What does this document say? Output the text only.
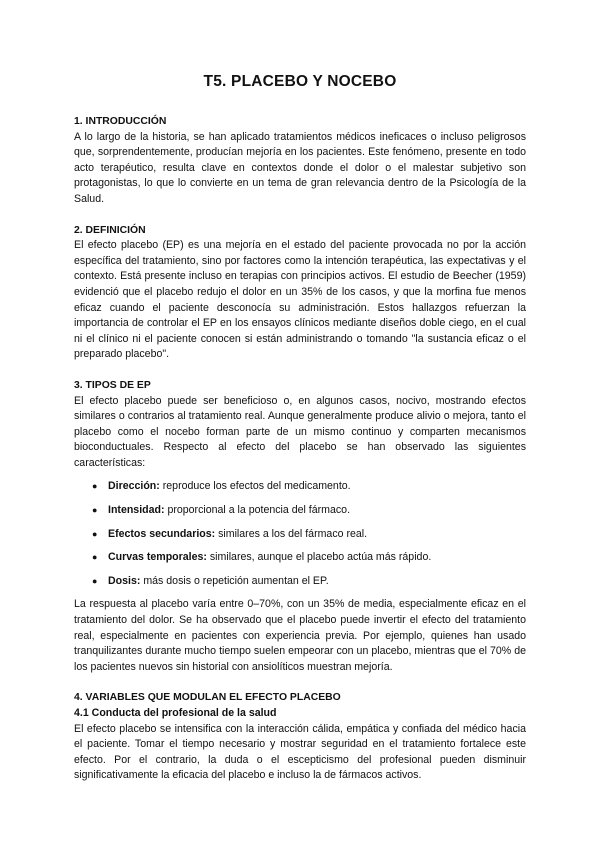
T5. PLACEBO Y NOCEBO
1. INTRODUCCIÓN

A lo largo de la historia, se han aplicado tratamientos médicos ineficaces o incluso peligrosos que, sorprendentemente, producían mejoría en los pacientes. Este fenómeno, presente en todo acto terapéutico, resulta clave en contextos donde el dolor o el malestar subjetivo son protagonistas, lo que lo convierte en un tema de gran relevancia dentro de la Psicología de la Salud.

2. DEFINICIÓN

El efecto placebo (EP) es una mejoría en el estado del paciente provocada no por la acción específica del tratamiento, sino por factores como la intención terapéutica, las expectativas y el contexto. Está presente incluso en terapias con principios activos. El estudio de Beecher (1959) evidenció que el placebo redujo el dolor en un 35% de los casos, y que la morfina fue menos eficaz cuando el paciente desconocía su administración. Estos hallazgos refuerzan la importancia de controlar el EP en los ensayos clínicos mediante diseños doble ciego, en el cual ni el clínico ni el paciente conocen si están administrando o tomando "la sustancia eficaz o el preparado placebo".

3. TIPOS DE EP

El efecto placebo puede ser beneficioso o, en algunos casos, nocivo, mostrando efectos similares o contrarios al tratamiento real. Aunque generalmente produce alivio o mejora, tanto el placebo como el nocebo forman parte de un mismo continuo y comparten mecanismos bioconductuales. Respecto al efecto del placebo se han observado las siguientes características:

● Dirección: reproduce los efectos del medicamento.
● Intensidad: proporcional a la potencia del fármaco.
● Efectos secundarios: similares a los del fármaco real.
● Curvas temporales: similares, aunque el placebo actúa más rápido.
● Dosis: más dosis o repetición aumentan el EP.

La respuesta al placebo varía entre 0–70%, con un 35% de media, especialmente eficaz en el tratamiento del dolor. Se ha observado que el placebo puede invertir el efecto del tratamiento real, especialmente en pacientes con experiencia previa. Por ejemplo, quienes han usado tranquilizantes durante mucho tiempo suelen empeorar con un placebo, mientras que el 70% de los pacientes nuevos sin historial con ansiolíticos muestran mejoría.

4. VARIABLES QUE MODULAN EL EFECTO PLACEBO
4.1 Conducta del profesional de la salud

El efecto placebo se intensifica con la interacción cálida, empática y confiada del médico hacia el paciente. Tomar el tiempo necesario y mostrar seguridad en el tratamiento fortalece este efecto. Por el contrario, la duda o el escepticismo del profesional pueden disminuir significativamente la eficacia del placebo e incluso la de fármacos activos.
